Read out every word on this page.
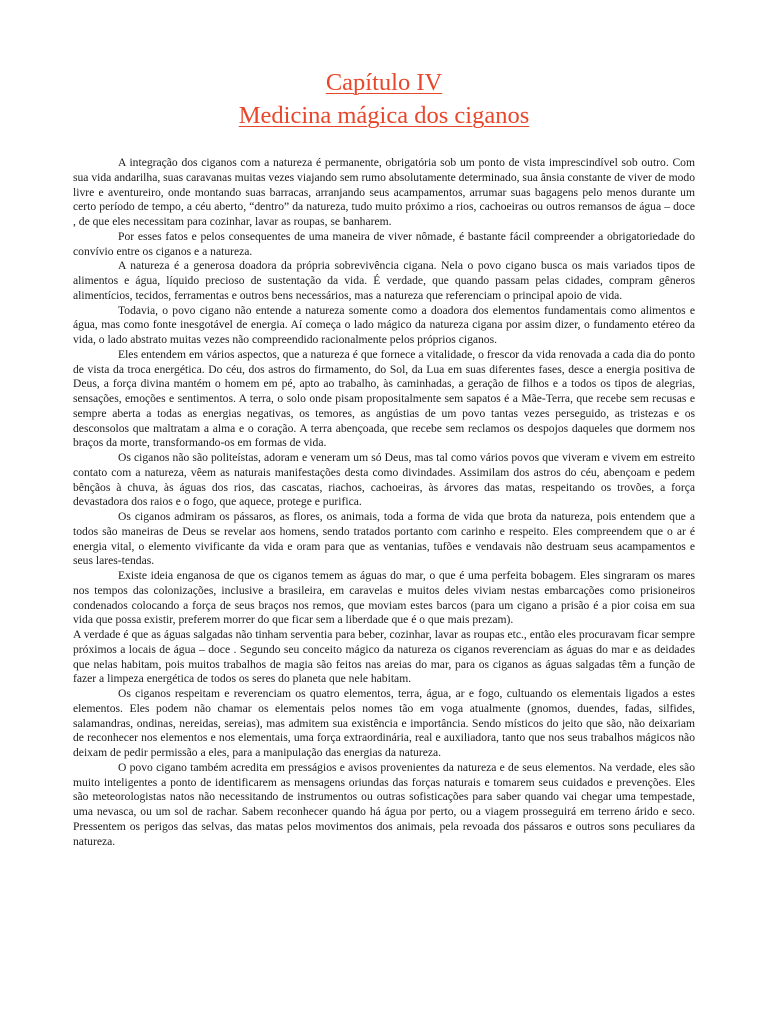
Capítulo IV
Medicina mágica dos ciganos

A integração dos ciganos com a natureza é permanente, obrigatória sob um ponto de vista imprescindível sob outro. Com sua vida andarilha, suas caravanas muitas vezes viajando sem rumo absolutamente determinado, sua ânsia constante de viver de modo livre e aventureiro, onde montando suas barracas, arranjando seus acampamentos, arrumar suas bagagens pelo menos durante um certo período de tempo, a céu aberto, “dentro” da natureza, tudo muito próximo a rios, cachoeiras ou outros remansos de água – doce , de que eles necessitam para cozinhar, lavar as roupas, se banharem.

Por esses fatos e pelos consequentes de uma maneira de viver nômade, é bastante fácil compreender a obrigatoriedade do convívio entre os ciganos e a natureza.

A natureza é a generosa doadora da própria sobrevivência cigana. Nela o povo cigano busca os mais variados tipos de alimentos e água, líquido precioso de sustentação da vida. É verdade, que quando passam pelas cidades, compram gêneros alimentícios, tecidos, ferramentas e outros bens necessários, mas a natureza que referenciam o principal apoio de vida.

Todavia, o povo cigano não entende a natureza somente como a doadora dos elementos fundamentais como alimentos e água, mas como fonte inesgotável de energia. Aí começa o lado mágico da natureza cigana por assim dizer, o fundamento etéreo da vida, o lado abstrato muitas vezes não compreendido racionalmente pelos próprios ciganos.

Eles entendem em vários aspectos, que a natureza é que fornece a vitalidade, o frescor da vida renovada a cada dia do ponto de vista da troca energética. Do céu, dos astros do firmamento, do Sol, da Lua em suas diferentes fases, desce a energia positiva de Deus, a força divina mantém o homem em pé, apto ao trabalho, às caminhadas, a geração de filhos e a todos os tipos de alegrias, sensações, emoções e sentimentos. A terra, o solo onde pisam propositalmente sem sapatos é a Mãe-Terra, que recebe sem recusas e sempre aberta a todas as energias negativas, os temores, as angústias de um povo tantas vezes perseguido, as tristezas e os desconsolos que maltratam a alma e o coração. A terra abençoada, que recebe sem reclamos os despojos daqueles que dormem nos braços da morte, transformando-os em formas de vida.

Os ciganos não são politeístas, adoram e veneram um só Deus, mas tal como vários povos que viveram e vivem em estreito contato com a natureza, vêem as naturais manifestações desta como divindades. Assimilam dos astros do céu, abençoam e pedem bênçãos à chuva, às águas dos rios, das cascatas, riachos, cachoeiras, às árvores das matas, respeitando os trovões, a força devastadora dos raios e o fogo, que aquece, protege e purifica.

Os ciganos admiram os pássaros, as flores, os animais, toda a forma de vida que brota da natureza, pois entendem que a todos são maneiras de Deus se revelar aos homens, sendo tratados portanto com carinho e respeito. Eles compreendem que o ar é energia vital, o elemento vivificante da vida e oram para que as ventanias, tufões e vendavais não destruam seus acampamentos e seus lares-tendas.

Existe ideia enganosa de que os ciganos temem as águas do mar, o que é uma perfeita bobagem. Eles singraram os mares nos tempos das colonizações, inclusive a brasileira, em caravelas e muitos deles viviam nestas embarcações como prisioneiros condenados colocando a força de seus braços nos remos, que moviam estes barcos (para um cigano a prisão é a pior coisa em sua vida que possa existir, preferem morrer do que ficar sem a liberdade que é o que mais prezam).

A verdade é que as águas salgadas não tinham serventia para beber, cozinhar, lavar as roupas etc., então eles procuravam ficar sempre próximos a locais de água – doce . Segundo seu conceito mágico da natureza os ciganos reverenciam as águas do mar e as deidades que nelas habitam, pois muitos trabalhos de magia são feitos nas areias do mar, para os ciganos as águas salgadas têm a função de fazer a limpeza energética de todos os seres do planeta que nele habitam.

Os ciganos respeitam e reverenciam os quatro elementos, terra, água, ar e fogo, cultuando os elementais ligados a estes elementos. Eles podem não chamar os elementais pelos nomes tão em voga atualmente (gnomos, duendes, fadas, silfides, salamandras, ondinas, nereidas, sereias), mas admitem sua existência e importância. Sendo místicos do jeito que são, não deixariam de reconhecer nos elementos e nos elementais, uma força extraordinária, real e auxiliadora, tanto que nos seus trabalhos mágicos não deixam de pedir permissão a eles, para a manipulação das energias da natureza.

O povo cigano também acredita em presságios e avisos provenientes da natureza e de seus elementos. Na verdade, eles são muito inteligentes a ponto de identificarem as mensagens oriundas das forças naturais e tomarem seus cuidados e prevenções. Eles são meteorologistas natos não necessitando de instrumentos ou outras sofisticações para saber quando vai chegar uma tempestade, uma nevasca, ou um sol de rachar. Sabem reconhecer quando há água por perto, ou a viagem prosseguirá em terreno árido e seco. Pressentem os perigos das selvas, das matas pelos movimentos dos animais, pela revoada dos pássaros e outros sons peculiares da natureza.
